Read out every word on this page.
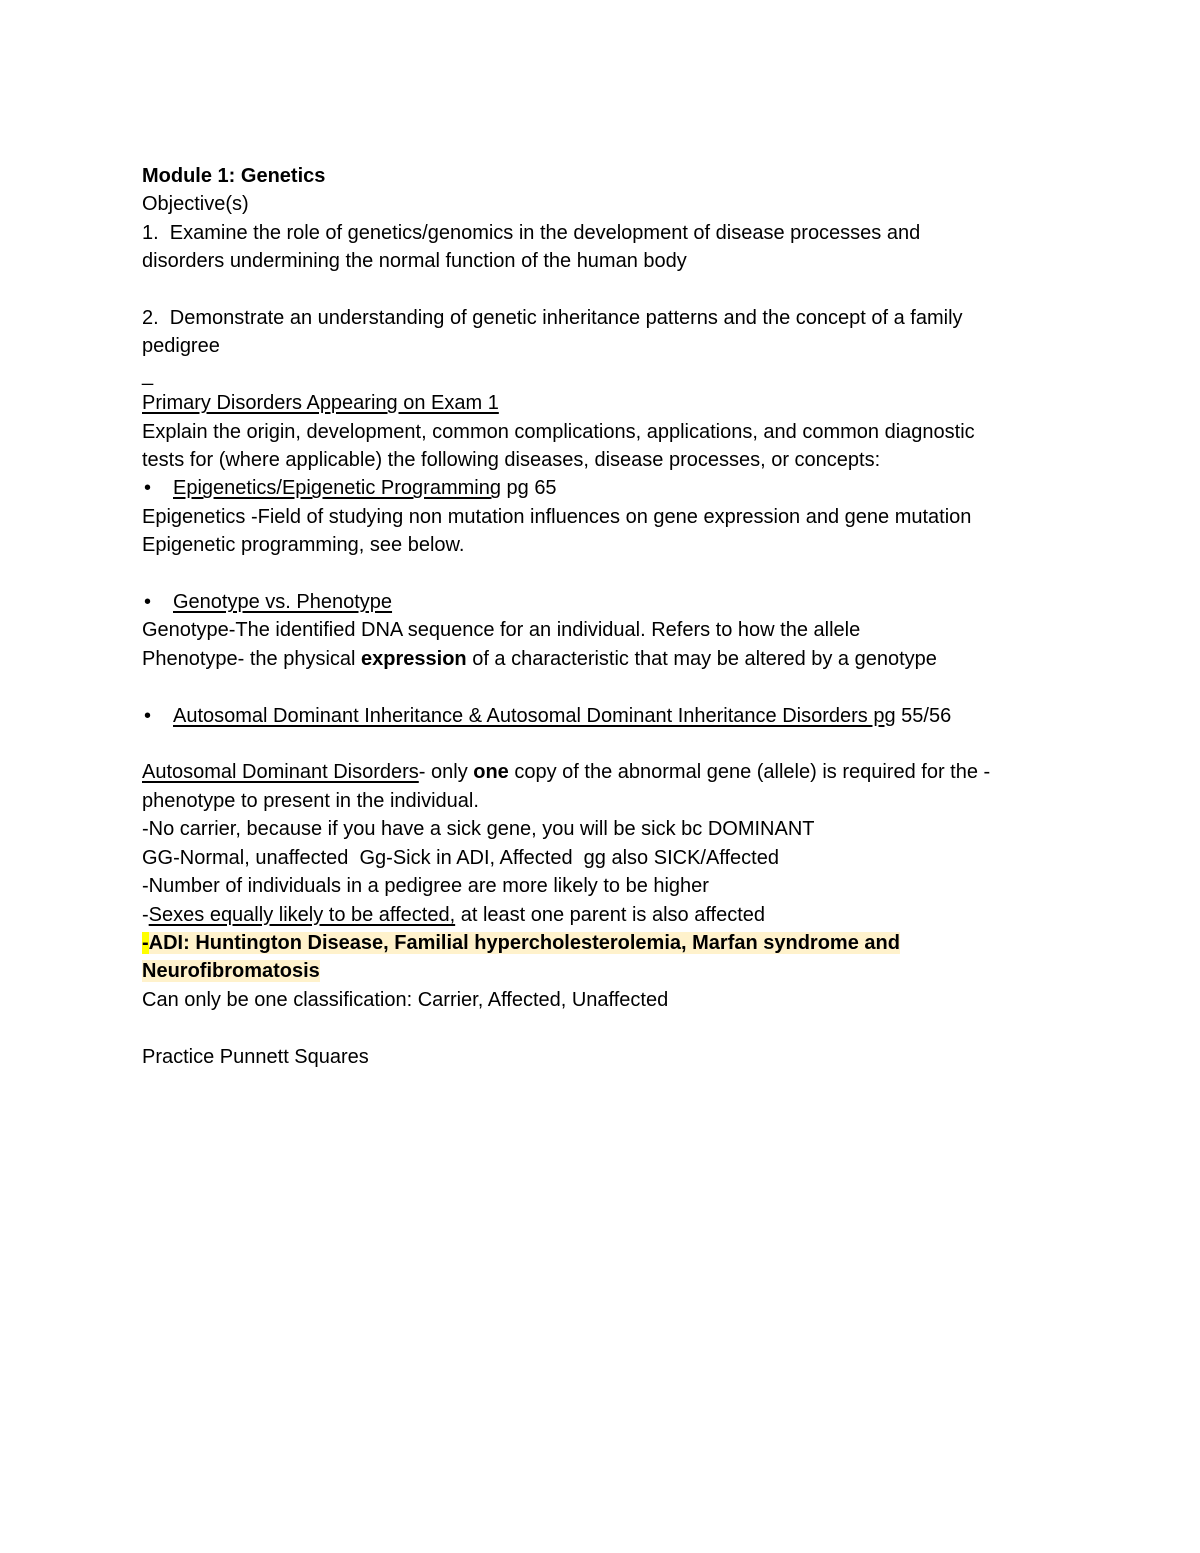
Module 1: Genetics
Objective(s)
1.  Examine the role of genetics/genomics in the development of disease processes and
disorders undermining the normal function of the human body
2.  Demonstrate an understanding of genetic inheritance patterns and the concept of a family
pedigree
_
Primary Disorders Appearing on Exam 1
Explain the origin, development, common complications, applications, and common diagnostic
tests for (where applicable) the following diseases, disease processes, or concepts:
•	Epigenetics/Epigenetic Programming pg 65
Epigenetics -Field of studying non mutation influences on gene expression and gene mutation
Epigenetic programming, see below.
•	Genotype vs. Phenotype
Genotype-The identified DNA sequence for an individual. Refers to how the allele
Phenotype- the physical expression of a characteristic that may be altered by a genotype
•	Autosomal Dominant Inheritance & Autosomal Dominant Inheritance Disorders pg 55/56
Autosomal Dominant Disorders- only one copy of the abnormal gene (allele) is required for the -
phenotype to present in the individual.
-No carrier, because if you have a sick gene, you will be sick bc DOMINANT
GG-Normal, unaffected  Gg-Sick in ADI, Affected  gg also SICK/Affected
-Number of individuals in a pedigree are more likely to be higher
-Sexes equally likely to be affected, at least one parent is also affected
-ADI: Huntington Disease, Familial hypercholesterolemia, Marfan syndrome and
Neurofibromatosis
Can only be one classification: Carrier, Affected, Unaffected
Practice Punnett Squares
